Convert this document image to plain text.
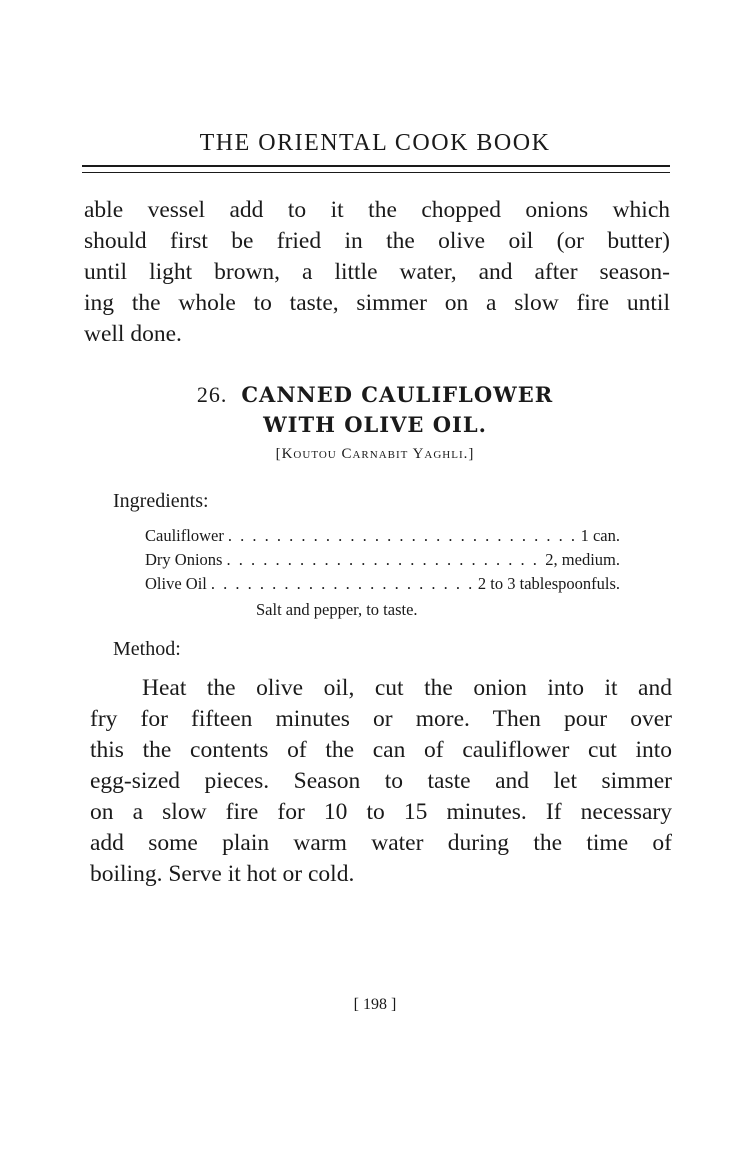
THE ORIENTAL COOK BOOK
able vessel add to it the chopped onions which
should first be fried in the olive oil (or butter)
until light brown, a little water, and after season-
ing the whole to taste, simmer on a slow fire until
well done.
26. CANNED CAULIFLOWER
WITH OLIVE OIL.
[Koutou Carnabit Yaghli.]
Ingredients:
Cauliflower . . .	1 can.
Dry Onions . . .	2, medium.
Olive Oil . . .	2 to 3 tablespoonfuls.
Salt and pepper, to taste.
Method:
Heat the olive oil, cut the onion into it and
fry for fifteen minutes or more. Then pour over
this the contents of the can of cauliflower cut into
egg-sized pieces. Season to taste and let simmer
on a slow fire for 10 to 15 minutes. If necessary
add some plain warm water during the time of
boiling. Serve it hot or cold.
[ 198 ]
